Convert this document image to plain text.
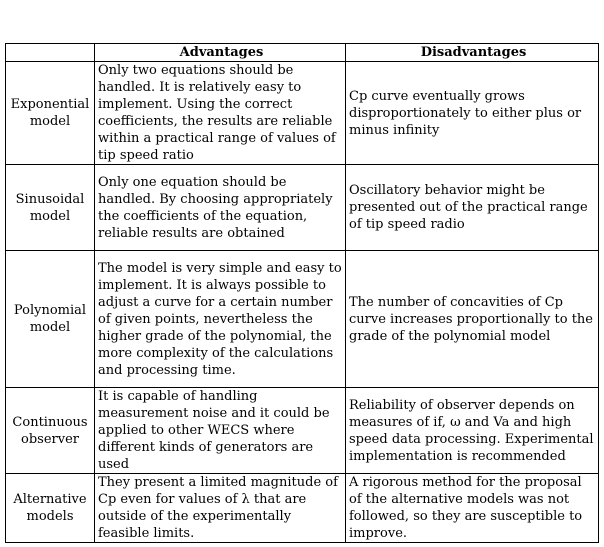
	Advantages	Disadvantages
Exponential model	Only two equations should be handled. It is relatively easy to implement. Using the correct coefficients, the results are reliable within a practical range of values of tip speed ratio	Cp curve eventually grows disproportionately to either plus or minus infinity
Sinusoidal model	Only one equation should be handled. By choosing appropriately the coefficients of the equation, reliable results are obtained	Oscillatory behavior might be presented out of the practical range of tip speed radio
Polynomial model	The model is very simple and easy to implement. It is always possible to adjust a curve for a certain number of given points, nevertheless the higher grade of the polynomial, the more complexity of the calculations and processing time.	The number of concavities of Cp curve increases proportionally to the grade of the polynomial model
Continuous observer	It is capable of handling measurement noise and it could be applied to other WECS where different kinds of generators are used	Reliability of observer depends on measures of if, ω and Va and high speed data processing. Experimental implementation is recommended
Alternative models	They present a limited magnitude of Cp even for values of λ that are outside of the experimentally feasible limits.	A rigorous method for the proposal of the alternative models was not followed, so they are susceptible to improve.
